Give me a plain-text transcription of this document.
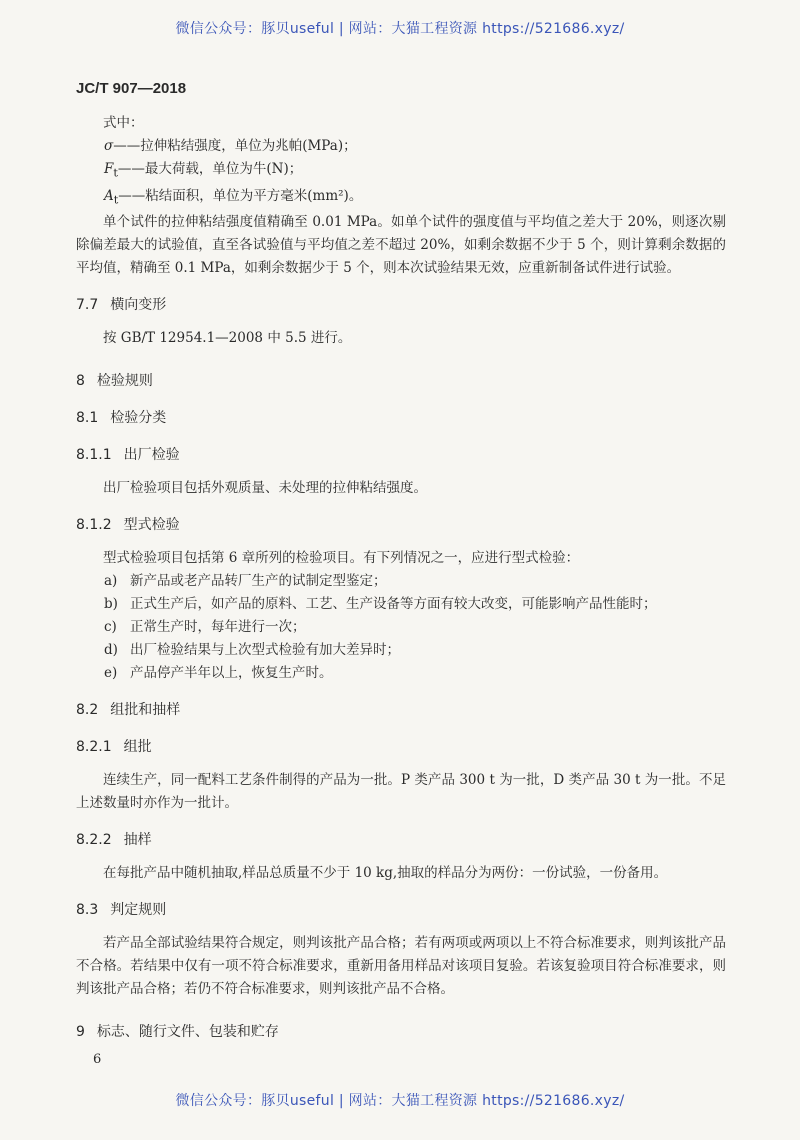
微信公众号：豚贝useful | 网站：大猫工程资源 https://521686.xyz/
JC/T 907—2018

式中：

σ——拉伸粘结强度，单位为兆帕(MPa)；

$F_t——$最大荷载，单位为牛(N)；

$A_t——$粘结面积，单位为平方毫米(mm²)。

单个试件的拉伸粘结强度值精确至 0.01 MPa。如单个试件的强度值与平均值之差大于 20%，则逐次剔除偏差最大的试验值，直至各试验值与平均值之差不超过 20%，如剩余数据不少于 5 个，则计算剩余数据的平均值，精确至 0.1 MPa，如剩余数据少于 5 个，则本次试验结果无效，应重新制备试件进行试验。

7.7 横向变形

按 GB/T 12954.1—2008 中 5.5 进行。

8 检验规则
8.1 检验分类
8.1.1 出厂检验

出厂检验项目包括外观质量、未处理的拉伸粘结强度。

8.1.2 型式检验

型式检验项目包括第 6 章所列的检验项目。有下列情况之一，应进行型式检验：

a) 新产品或老产品转厂生产的试制定型鉴定；

b) 正式生产后，如产品的原料、工艺、生产设备等方面有较大改变，可能影响产品性能时；

c) 正常生产时，每年进行一次；

d) 出厂检验结果与上次型式检验有加大差异时；

e) 产品停产半年以上，恢复生产时。

8.2 组批和抽样
8.2.1 组批

连续生产，同一配料工艺条件制得的产品为一批。P 类产品 300 t 为一批，D 类产品 30 t 为一批。不足上述数量时亦作为一批计。

8.2.2 抽样

在每批产品中随机抽取,样品总质量不少于 10 kg,抽取的样品分为两份：一份试验，一份备用。

8.3 判定规则

若产品全部试验结果符合规定，则判该批产品合格；若有两项或两项以上不符合标准要求，则判该批产品不合格。若结果中仅有一项不符合标准要求，重新用备用样品对该项目复验。若该复验项目符合标准要求，则判该批产品合格；若仍不符合标准要求，则判该批产品不合格。

9 标志、随行文件、包装和贮存
6
微信公众号：豚贝useful | 网站：大猫工程资源 https://521686.xyz/
